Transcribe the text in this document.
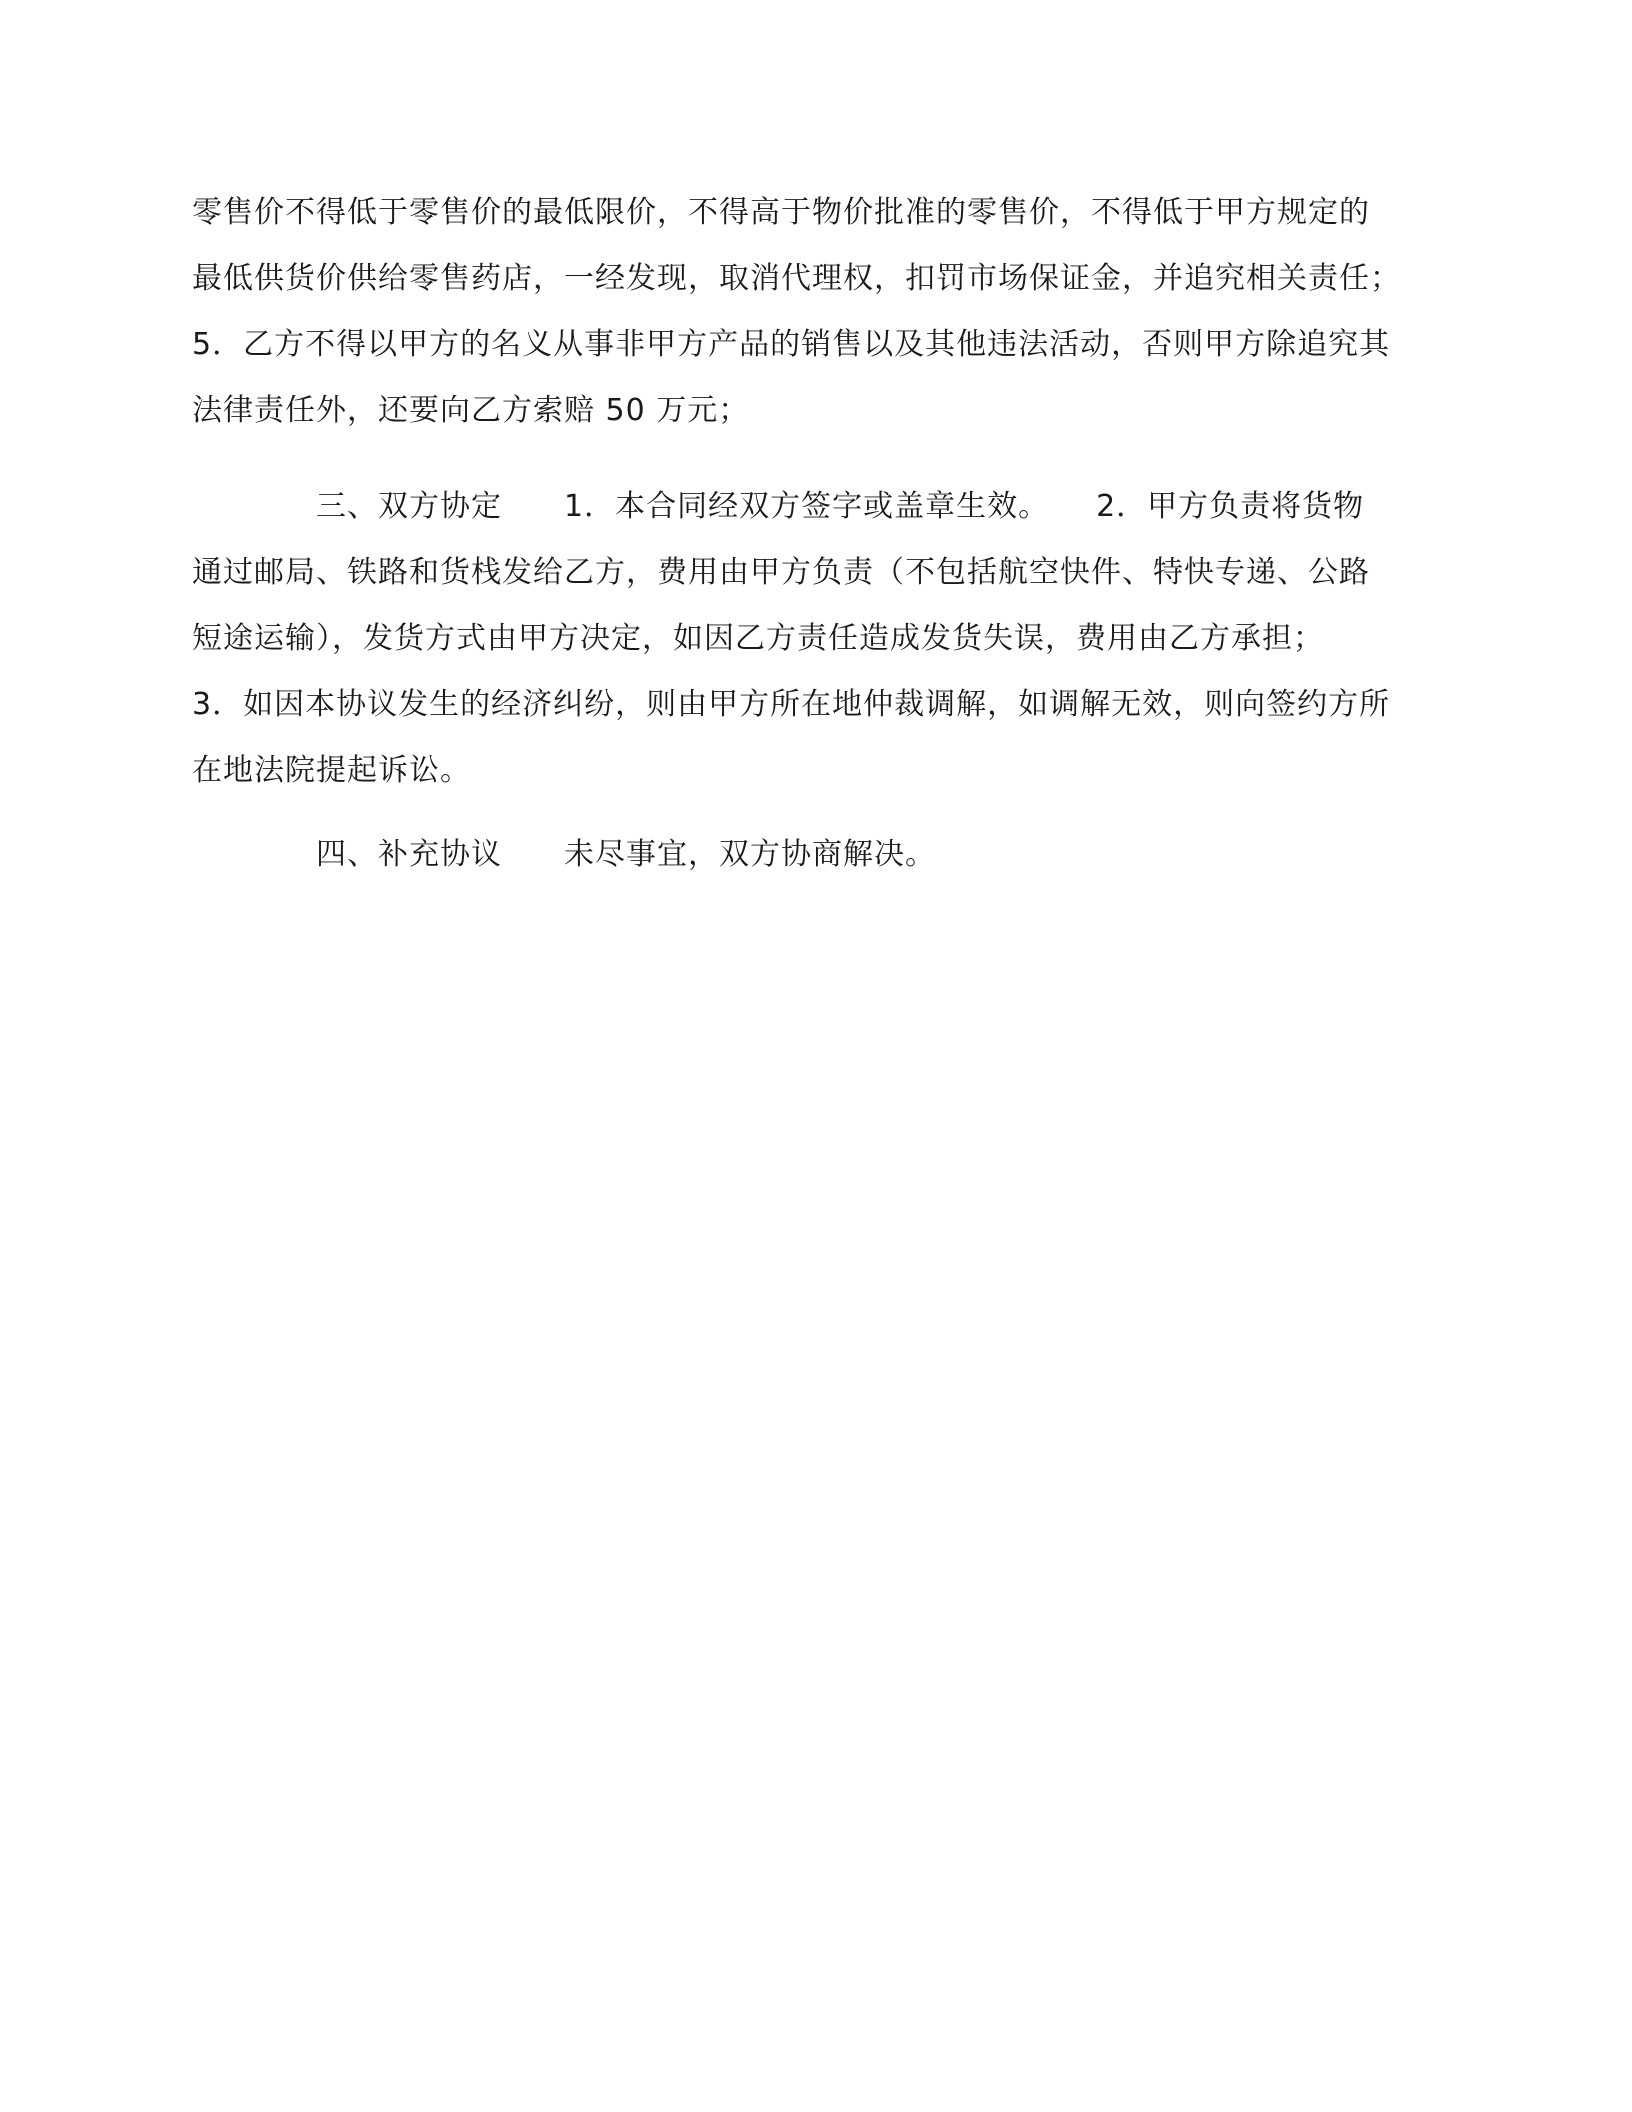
零售价不得低于零售价的最低限价，不得高于物价批准的零售价，不得低于甲方规定的
最低供货价供给零售药店，一经发现，取消代理权，扣罚市场保证金，并追究相关责任；
5．乙方不得以甲方的名义从事非甲方产品的销售以及其他违法活动，否则甲方除追究其
法律责任外，还要向乙方索赔 50 万元；
　　　　三、双方协定　　1．本合同经双方签字或盖章生效。　　2．甲方负责将货物
通过邮局、铁路和货栈发给乙方，费用由甲方负责（不包括航空快件、特快专递、公路
短途运输），发货方式由甲方决定，如因乙方责任造成发货失误，费用由乙方承担；
3．如因本协议发生的经济纠纷，则由甲方所在地仲裁调解，如调解无效，则向签约方所
在地法院提起诉讼。
　　　　四、补充协议　　未尽事宜，双方协商解决。
